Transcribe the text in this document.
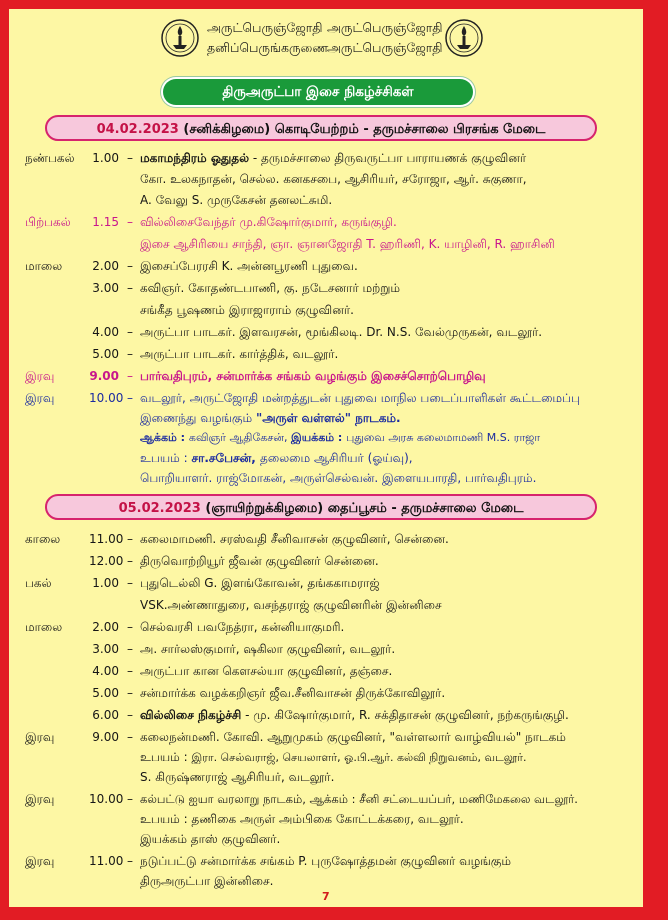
அருட்பெருஞ்ஜோதி அருட்பெருஞ்ஜோதி
தனிப்பெருங்கருணை
அருட்பெருஞ்ஜோதி
திருஅருட்பா இசை நிகழ்ச்சிகள்
04.02.2023 (சனிக்கிழமை) கொடியேற்றம் - தருமச்சாலை பிரசங்க மேடை
நண்பகல் 1.00 – மகாமந்திரம் ஓதுதல் - தருமச்சாலை திருவருட்பா பாராயணக் குழுவினர்
கோ. உலகநாதன், செல்ல. கனகசபை, ஆசிரியர், சரோஜா, ஆர். சுகுணா,
A. வேலு S. முருகேசன் தனலட்சுமி.
பிற்பகல் 1.15 – வில்லிசைவேந்தர் மு.கிஷோர்குமார், கருங்குழி.
இசை ஆசிரியை சாந்தி, ஞா. ஞானஜோதி T. ஹரிணி, K. யாழினி, R. ஹாசினி
மாலை	2.00 – இசைப்பேரரசி K. அன்னபூரணி புதுவை.
3.00 – கவிஞர். கோதண்டபாணி, கு. நடேசனார் மற்றும்
சங்கீத பூஷணம் இராஜாராம் குழுவினர்.
4.00 – அருட்பா பாடகர். இளவரசன், மூங்கிலடி. Dr. N.S. வேல்முருகன், வடலூர்.
5.00 – அருட்பா பாடகர். கார்த்திக், வடலூர்.
இரவு	9.00 – பார்வதிபுரம், சன்மார்க்க சங்கம் வழங்கும் இசைச்சொற்பொழிவு
இரவு	10.00 – வடலூர், அருட்ஜோதி மன்றத்துடன் புதுவை மாநில படைப்பாளிகள் கூட்டமைப்பு
இணைந்து வழங்கும் "அருள் வள்ளல்" நாடகம்.
ஆக்கம் : கவிஞர் ஆதிகேசன், இயக்கம் : புதுவை அரசு கலைமாமணி M.S. ராஜா
உபயம் : சா.சபேசன், தலைமை ஆசிரியர் (ஓய்வு),
பொறியாளர். ராஜ்மோகன், அருள்செல்வன். இளையபாரதி, பார்வதிபுரம்.
05.02.2023 (ஞாயிற்றுக்கிழமை) தைப்பூசம் - தருமச்சாலை மேடை
காலை 11.00 – கலைமாமணி. சரஸ்வதி சீனிவாசன் குழுவினர், சென்னை.
12.00 – திருவொற்றியூர் ஜீவன் குழுவினர் சென்னை.
பகல்	1.00 – புதுடெல்லி G. இளங்கோவன், தங்ககாமராஜ்
VSK.அண்ணாதுரை, வசந்தராஜ் குழுவினரின் இன்னிசை
மாலை	2.00 – செல்வரசி பவநேத்ரா, கன்னியாகுமரி.
3.00 – அ. சார்லஸ்குமார், ஷகிலா குழுவினர், வடலூர்.
4.00 – அருட்பா கான கௌசல்யா குழுவினர், தஞ்சை.
5.00 – சன்மார்க்க வழக்கறிஞர் ஜீவ.சீனிவாசன் திருக்கோவிலூர்.
6.00 – வில்லிசை நிகழ்ச்சி - மு. கிஷோர்குமார், R. சக்திதாசன் குழுவினர், நற்கருங்குழி.
இரவு	9.00 – கலைநன்மணி. கோவி. ஆறுமுகம் குழுவினர், "வள்ளலார் வாழ்வியல்" நாடகம்
உபயம் : இரா. செல்வராஜ், செயலாளர், ஓ.பி.ஆர். கல்வி நிறுவனம், வடலூர்.
S. கிருஷ்ணராஜ் ஆசிரியர், வடலூர்.
இரவு	10.00 – கல்பட்டு ஐயா வரலாறு நாடகம், ஆக்கம் : சீனி சட்டையப்பர், மணிமேகலை வடலூர்.
உபயம் : தணிகை அருள் அம்பிகை கோட்டக்கரை, வடலூர்.
இயக்கம் தாஸ் குழுவினர்.
இரவு	11.00 – நடுப்பட்டு சன்மார்க்க சங்கம் P. புருஷோத்தமன் குழுவினர் வழங்கும்
திருஅருட்பா இன்னிசை.
7
